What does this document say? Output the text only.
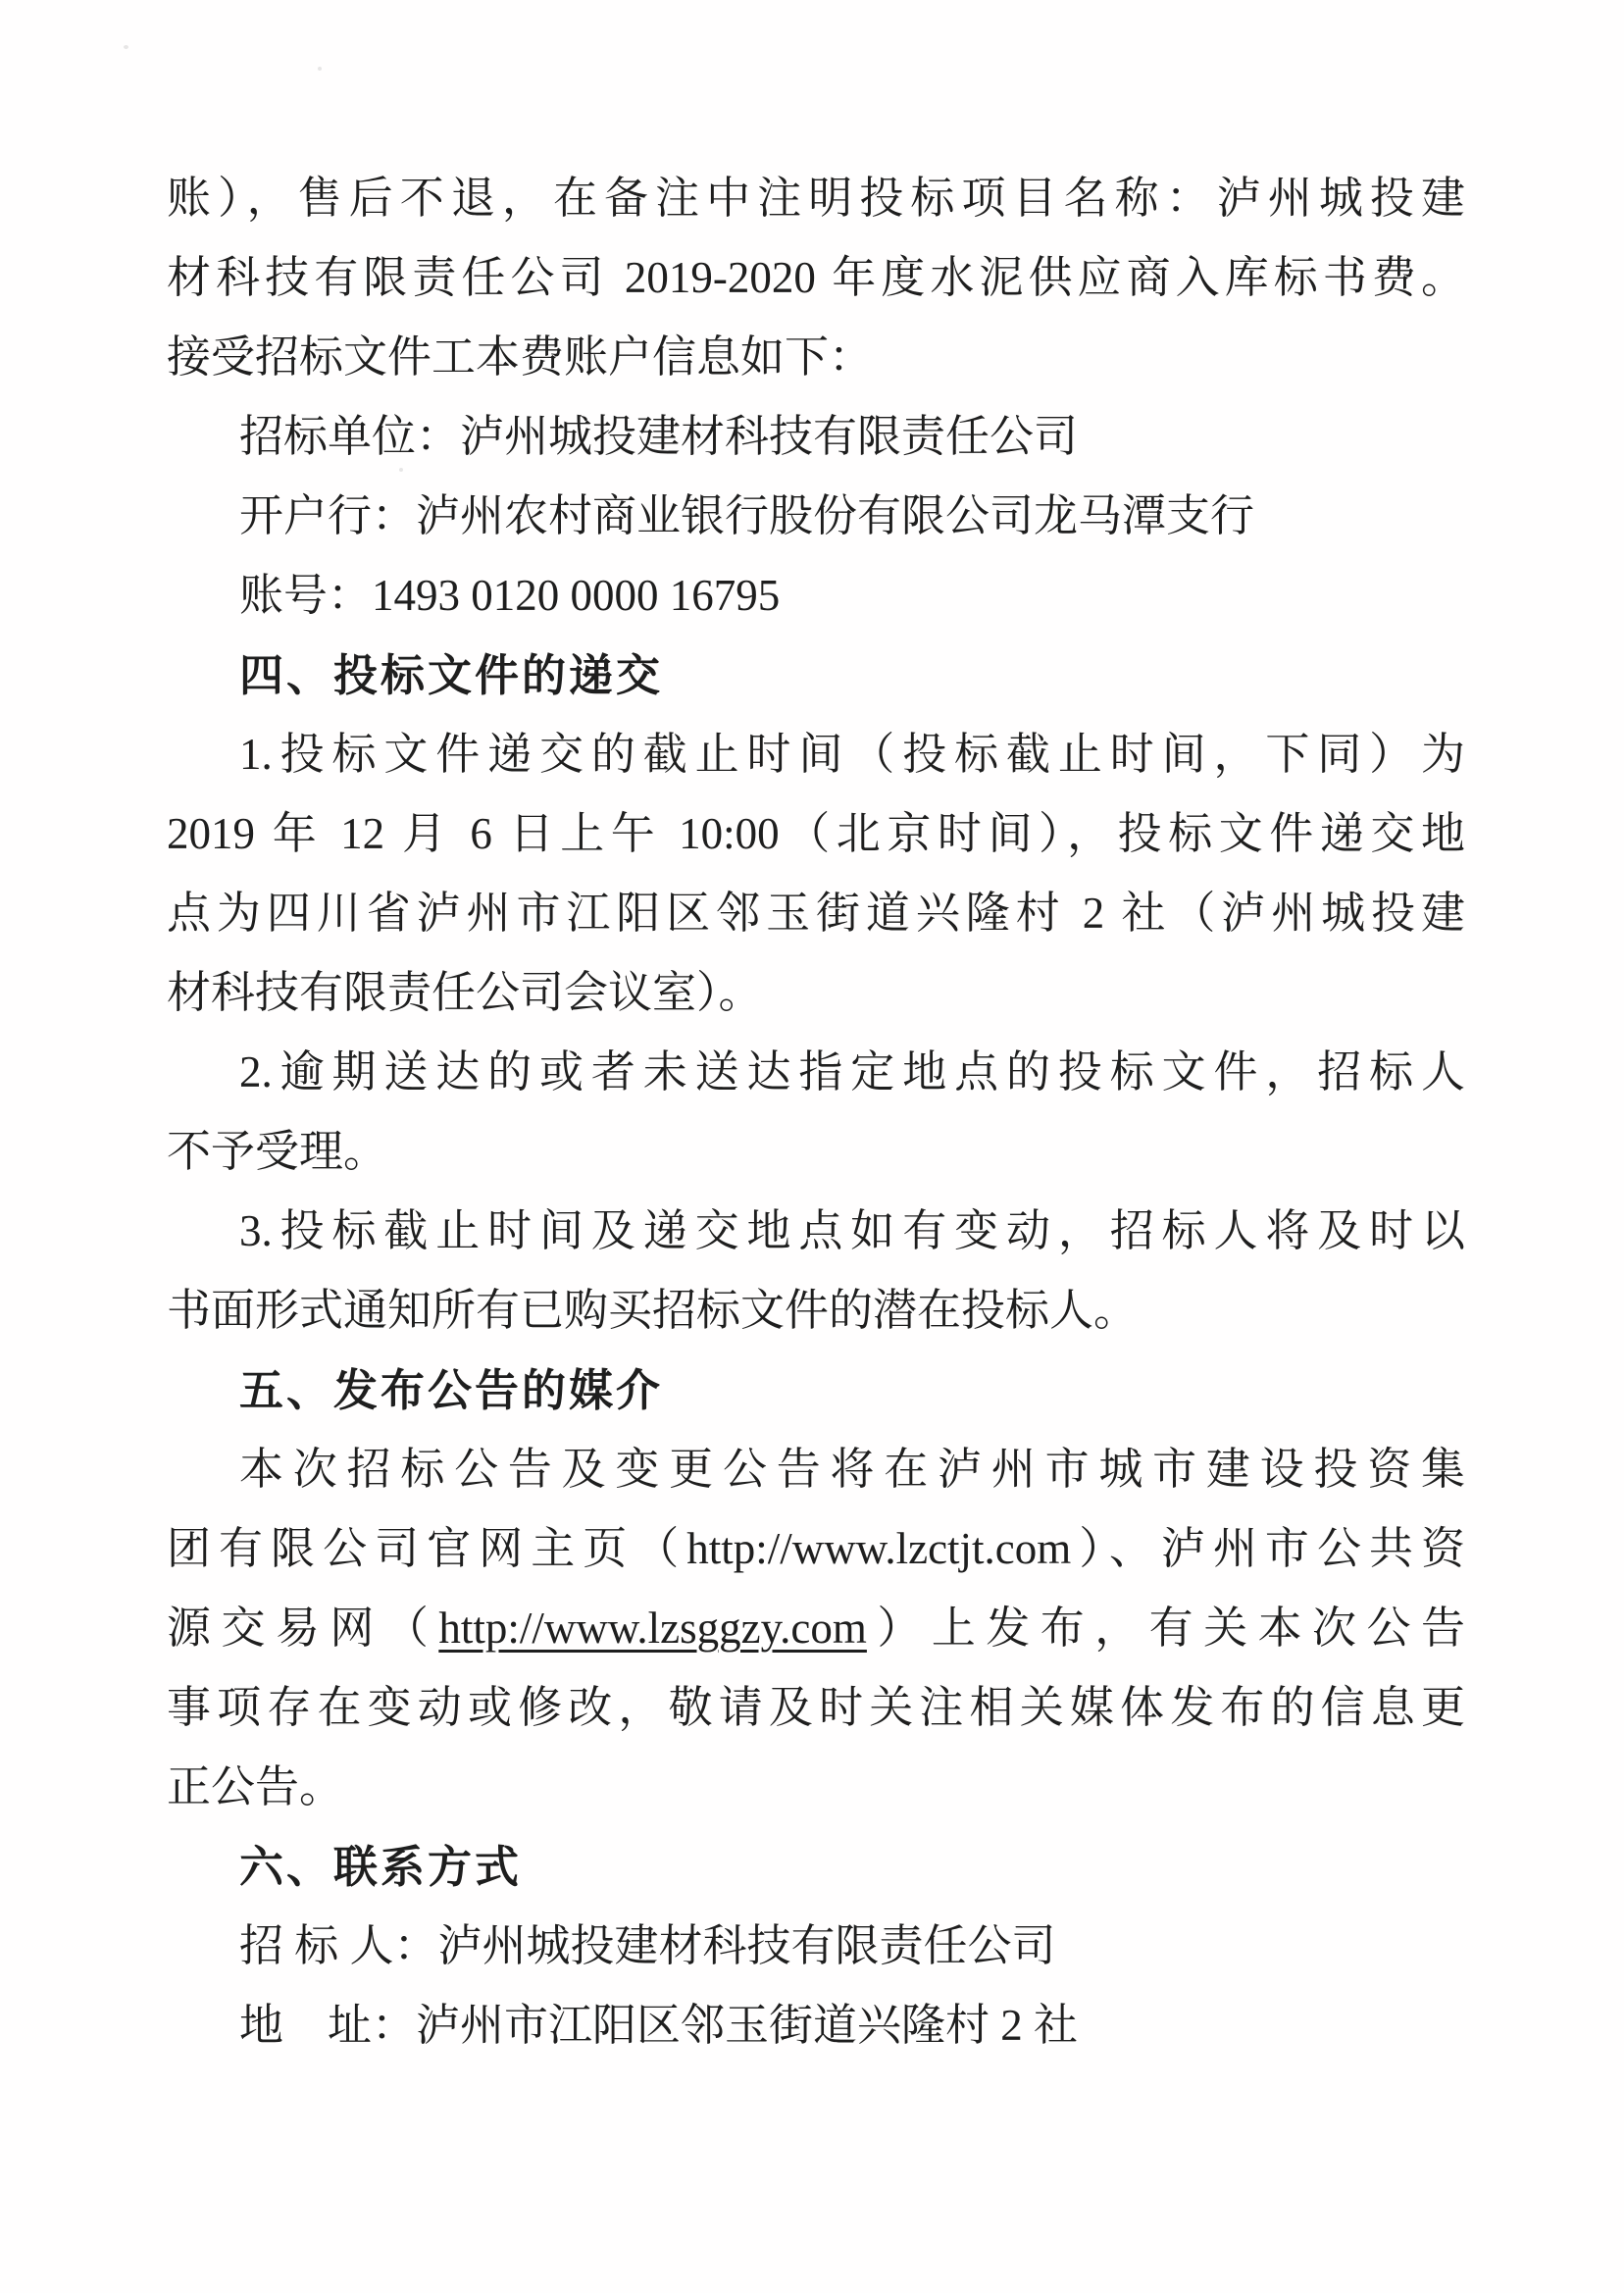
账），售后不退，在备注中注明投标项目名称：泸州城投建
材科技有限责任公司 2019-2020 年度水泥供应商入库标书费。
接受招标文件工本费账户信息如下：
招标单位：泸州城投建材科技有限责任公司
开户行：泸州农村商业银行股份有限公司龙马潭支行
账号：1493 0120 0000 16795
四、投标文件的递交
1.投标文件递交的截止时间（投标截止时间，下同）为
2019 年 12 月 6 日上午 10:00（北京时间），投标文件递交地
点为四川省泸州市江阳区邻玉街道兴隆村 2 社（泸州城投建
材科技有限责任公司会议室）。
2.逾期送达的或者未送达指定地点的投标文件，招标人
不予受理。
3.投标截止时间及递交地点如有变动，招标人将及时以
书面形式通知所有已购买招标文件的潜在投标人。
五、发布公告的媒介
本次招标公告及变更公告将在泸州市城市建设投资集
团有限公司官网主页（http://www.lzctjt.com）、泸州市公共资
源交易网（http://www.lzsggzy.com）上发布，有关本次公告
事项存在变动或修改，敬请及时关注相关媒体发布的信息更
正公告。
六、联系方式
招 标 人：泸州城投建材科技有限责任公司
地　址：泸州市江阳区邻玉街道兴隆村 2 社
